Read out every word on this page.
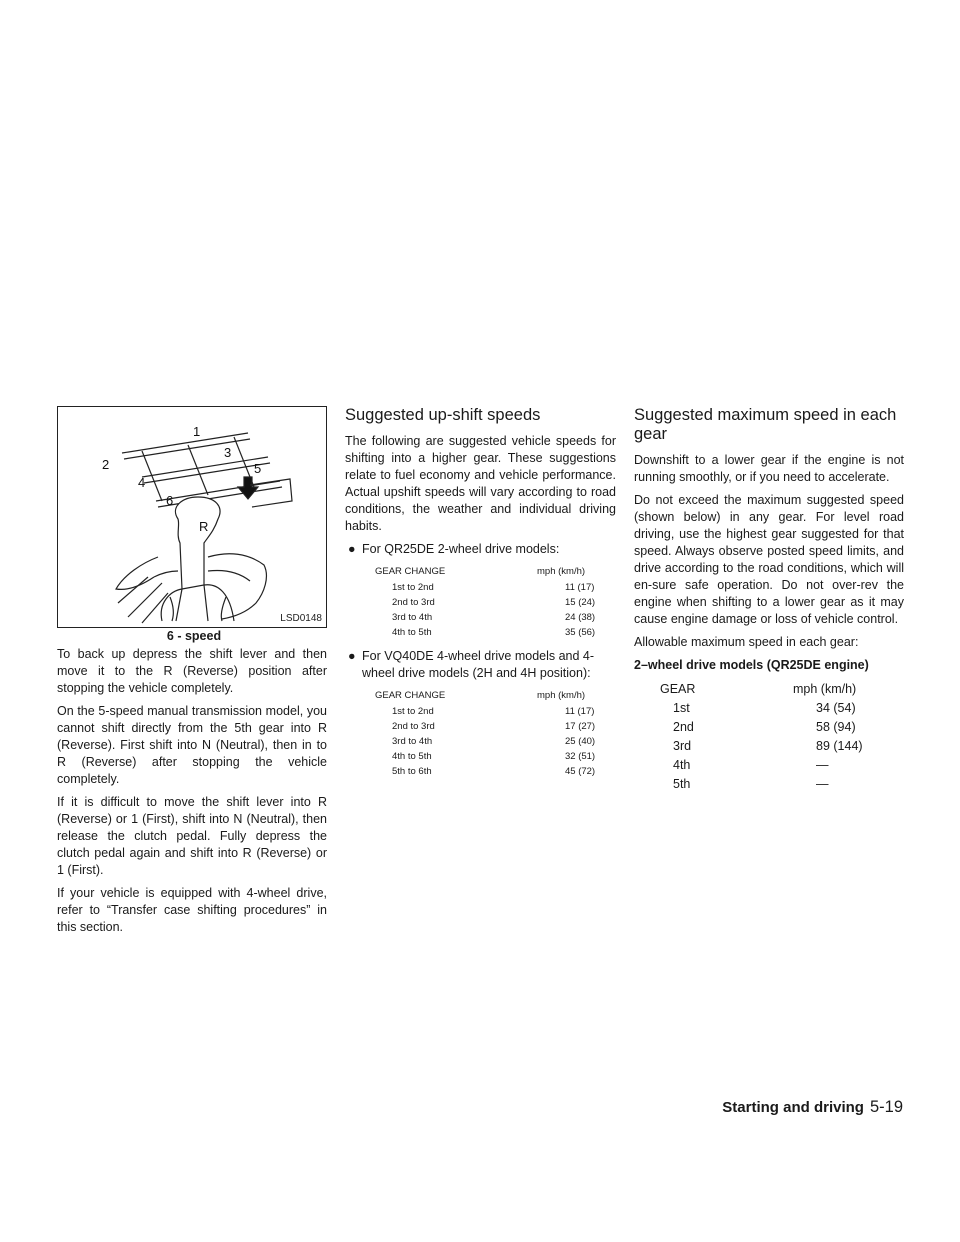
1
2
3
4
5
6
R
LSD0148
6 - speed

To back up depress the shift lever and then move it to the R (Reverse) position after stopping the vehicle completely.

On the 5-speed manual transmission model, you cannot shift directly from the 5th gear into R (Reverse). First shift into N (Neutral), then in to R (Reverse) after stopping the vehicle completely.

If it is difficult to move the shift lever into R (Reverse) or 1 (First), shift into N (Neutral), then release the clutch pedal. Fully depress the clutch pedal again and shift into R (Reverse) or 1 (First).

If your vehicle is equipped with 4-wheel drive, refer to “Transfer case shifting procedures” in this section.

Suggested up-shift speeds

The following are suggested vehicle speeds for shifting into a higher gear. These suggestions relate to fuel economy and vehicle performance. Actual upshift speeds will vary according to road conditions, the weather and individual driving habits.

● For QR25DE 2-wheel drive models:
GEAR CHANGE	mph (km/h)
1st to 2nd	11 (17)
2nd to 3rd	15 (24)
3rd to 4th	24 (38)
4th to 5th	35 (56)
● For VQ40DE 4-wheel drive models and 4-wheel drive models (2H and 4H position):
GEAR CHANGE	mph (km/h)
1st to 2nd	11 (17)
2nd to 3rd	17 (27)
3rd to 4th	25 (40)
4th to 5th	32 (51)
5th to 6th	45 (72)
Suggested maximum speed in each gear

Downshift to a lower gear if the engine is not running smoothly, or if you need to accelerate.

Do not exceed the maximum suggested speed (shown below) in any gear. For level road driving, use the highest gear suggested for that speed. Always observe posted speed limits, and drive according to the road conditions, which will en-sure safe operation. Do not over-rev the engine when shifting to a lower gear as it may cause engine damage or loss of vehicle control.

Allowable maximum speed in each gear:

2–wheel drive models (QR25DE engine)
GEAR	mph (km/h)
1st	34 (54)
2nd	58 (94)
3rd	89 (144)
4th	—
5th	—
Starting and driving 5-19
